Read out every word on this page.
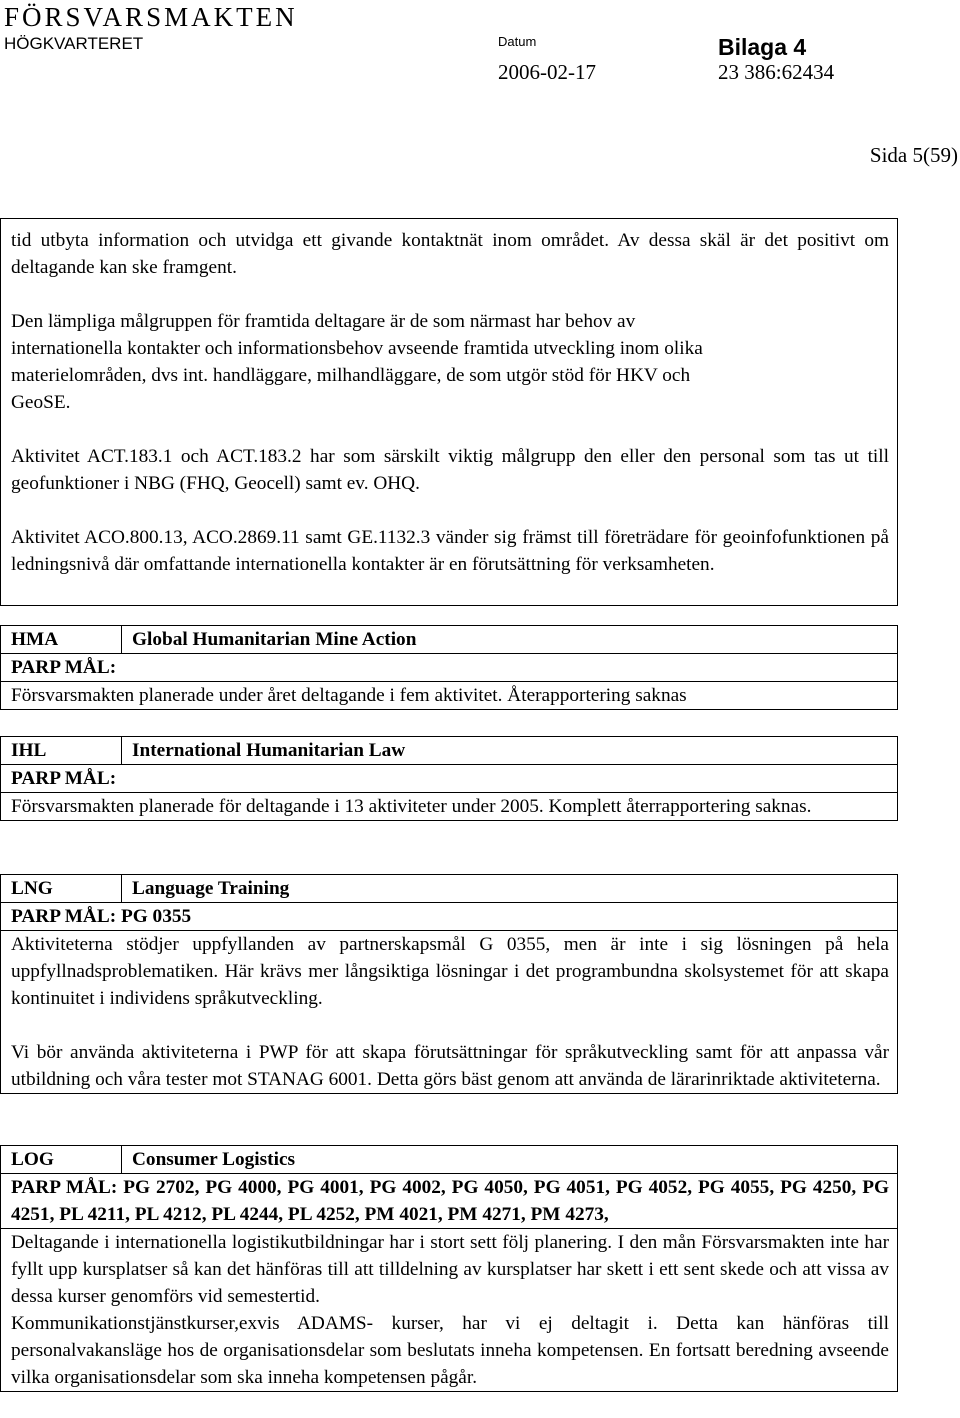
FÖRSVARSMAKTEN
HÖGKVARTERET	Datum
2006-02-17
Bilaga 4
23 386:62434
Sida 5(59)

tid utbyta information och utvidga ett givande kontaktnät inom området. Av dessa skäl är det positivt om deltagande kan ske framgent.

Den lämpliga målgruppen för framtida deltagare är de som närmast har behov av internationella kontakter och informationsbehov avseende framtida utveckling inom olika materielområden, dvs int. handläggare, milhandläggare, de som utgör stöd för HKV och GeoSE.

Aktivitet ACT.183.1 och ACT.183.2 har som särskilt viktig målgrupp den eller den personal som tas ut till geofunktioner i NBG (FHQ, Geocell) samt ev. OHQ.

Aktivitet ACO.800.13, ACO.2869.11 samt GE.1132.3 vänder sig främst till företrädare för geoinfofunktionen på ledningsnivå där omfattande internationella kontakter är en förutsättning för verksamheten.

HMA	Global Humanitarian Mine Action
PARP MÅL:
Försvarsmakten planerade under året deltagande i fem aktivitet. Återapportering saknas
IHL	International Humanitarian Law
PARP MÅL:
Försvarsmakten planerade för deltagande i 13 aktiviteter under 2005. Komplett återrapportering saknas.
LNG	Language Training
PARP MÅL: PG 0355

Aktiviteterna stödjer uppfyllanden av partnerskapsmål G 0355, men är inte i sig lösningen på hela uppfyllnadsproblematiken. Här krävs mer långsiktiga lösningar i det programbundna skolsystemet för att skapa kontinuitet i individens språkutveckling.

Vi bör använda aktiviteterna i PWP för att skapa förutsättningar för språkutveckling samt för att anpassa vår utbildning och våra tester mot STANAG 6001. Detta görs bäst genom att använda de lärarinriktade aktiviteterna.

LOG	Consumer Logistics
PARP MÅL: PG 2702, PG 4000, PG 4001, PG 4002, PG 4050, PG 4051, PG 4052, PG 4055, PG 4250, PG 4251, PL 4211, PL 4212, PL 4244, PL 4252, PM 4021, PM 4271, PM 4273,

Deltagande i internationella logistikutbildningar har i stort sett följ planering. I den mån Försvarsmakten inte har fyllt upp kursplatser så kan det hänföras till att tilldelning av kursplatser har skett i ett sent skede och att vissa av dessa kurser genomförs vid semestertid.

Kommunikationstjänstkurser,exvis ADAMS- kurser, har vi ej deltagit i. Detta kan hänföras till personalvakansläge hos de organisationsdelar som beslutats inneha kompetensen. En fortsatt beredning avseende vilka organisationsdelar som ska inneha kompetensen pågår.
